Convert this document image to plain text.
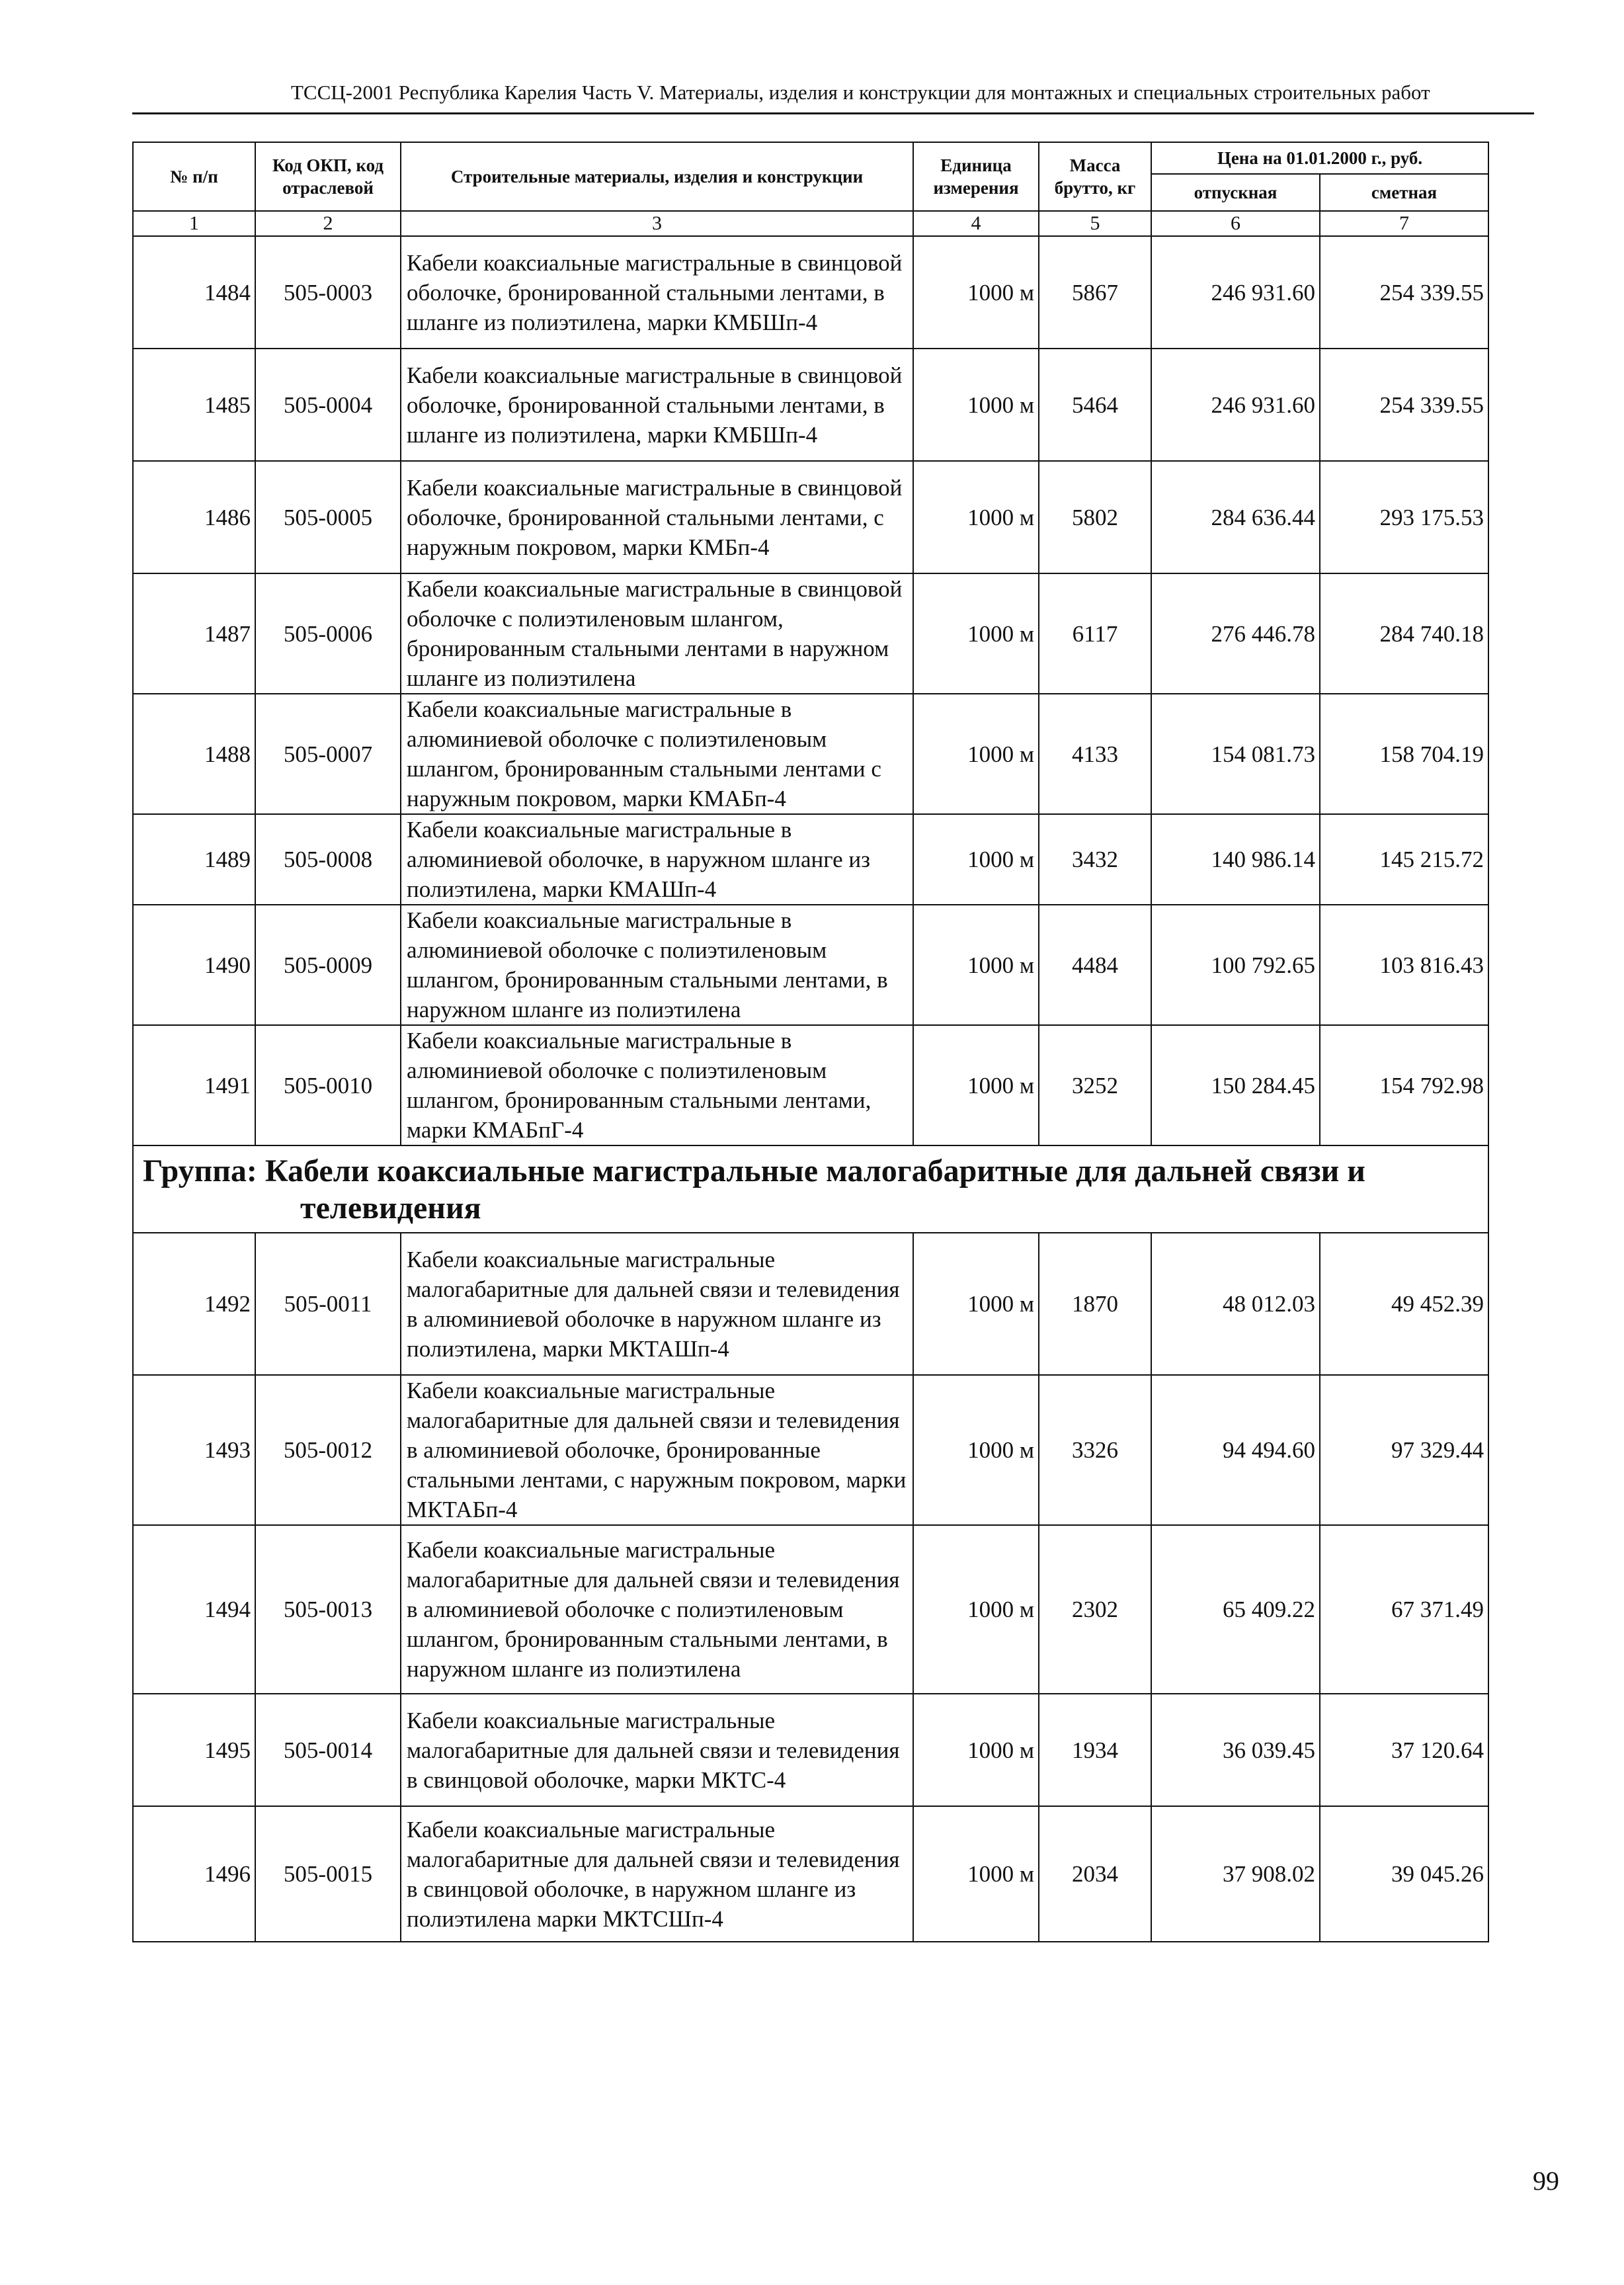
ТССЦ-2001 Республика Карелия Часть V. Материалы, изделия и конструкции для монтажных и специальных строительных работ
№ п/п	Код ОКП, код отраслевой	Строительные материалы, изделия и конструкции	Единица измерения	Масса брутто, кг	Цена на 01.01.2000 г., руб.	
					отпускная	сметная
1	2	3	4	5	6	7
1484	505-0003	Кабели коаксиальные магистральные в свинцовой оболочке, бронированной стальными лентами, в шланге из полиэтилена, марки КМБШп-4	1000 м	5867	246 931.60	254 339.55
1485	505-0004	Кабели коаксиальные магистральные в свинцовой оболочке, бронированной стальными лентами, в шланге из полиэтилена, марки КМБШп-4	1000 м	5464	246 931.60	254 339.55
1486	505-0005	Кабели коаксиальные магистральные в свинцовой оболочке, бронированной стальными лентами, с наружным покровом, марки КМБп-4	1000 м	5802	284 636.44	293 175.53
1487	505-0006	Кабели коаксиальные магистральные в свинцовой оболочке с полиэтиленовым шлангом, бронированным стальными лентами в наружном шланге из полиэтилена	1000 м	6117	276 446.78	284 740.18
1488	505-0007	Кабели коаксиальные магистральные в алюминиевой оболочке с полиэтиленовым шлангом, бронированным стальными лентами с наружным покровом, марки КМАБп-4	1000 м	4133	154 081.73	158 704.19
1489	505-0008	Кабели коаксиальные магистральные в алюминиевой оболочке, в наружном шланге из полиэтилена, марки КМАШп-4	1000 м	3432	140 986.14	145 215.72
1490	505-0009	Кабели коаксиальные магистральные в алюминиевой оболочке с полиэтиленовым шлангом, бронированным стальными лентами, в наружном шланге из полиэтилена	1000 м	4484	100 792.65	103 816.43
1491	505-0010	Кабели коаксиальные магистральные в алюминиевой оболочке с полиэтиленовым шлангом, бронированным стальными лентами, марки КМАБпГ-4	1000 м	3252	150 284.45	154 792.98

Группа: Кабели коаксиальные магистральные малогабаритные для дальней связи и телевидения						

1492	505-0011	Кабели коаксиальные магистральные малогабаритные для дальней связи и телевидения в алюминиевой оболочке в наружном шланге из полиэтилена, марки МКТАШп-4	1000 м	1870	48 012.03	49 452.39
1493	505-0012	Кабели коаксиальные магистральные малогабаритные для дальней связи и телевидения в алюминиевой оболочке, бронированные стальными лентами, с наружным покровом, марки МКТАБп-4	1000 м	3326	94 494.60	97 329.44
1494	505-0013	Кабели коаксиальные магистральные малогабаритные для дальней связи и телевидения в алюминиевой оболочке с полиэтиленовым шлангом, бронированным стальными лентами, в наружном шланге из полиэтилена	1000 м	2302	65 409.22	67 371.49
1495	505-0014	Кабели коаксиальные магистральные малогабаритные для дальней связи и телевидения в свинцовой оболочке, марки МКТС-4	1000 м	1934	36 039.45	37 120.64
1496	505-0015	Кабели коаксиальные магистральные малогабаритные для дальней связи и телевидения в свинцовой оболочке, в наружном шланге из полиэтилена марки МКТСШп-4	1000 м	2034	37 908.02	39 045.26
99
